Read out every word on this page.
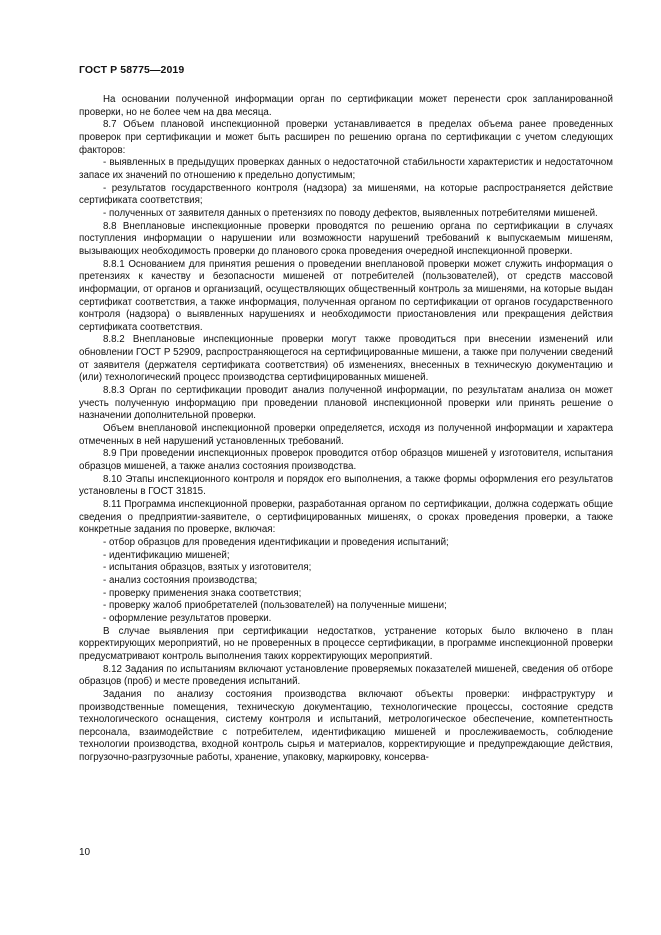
ГОСТ Р 58775—2019

На основании полученной информации орган по сертификации может перенести срок запланированной проверки, но не более чем на два месяца.

8.7 Объем плановой инспекционной проверки устанавливается в пределах объема ранее проведенных проверок при сертификации и может быть расширен по решению органа по сертификации с учетом следующих факторов:

- выявленных в предыдущих проверках данных о недостаточной стабильности характеристик и недостаточном запасе их значений по отношению к предельно допустимым;

- результатов государственного контроля (надзора) за мишенями, на которые распространяется действие сертификата соответствия;

- полученных от заявителя данных о претензиях по поводу дефектов, выявленных потребителями мишеней.

8.8 Внеплановые инспекционные проверки проводятся по решению органа по сертификации в случаях поступления информации о нарушении или возможности нарушений требований к выпускаемым мишеням, вызывающих необходимость проверки до планового срока проведения очередной инспекционной проверки.

8.8.1 Основанием для принятия решения о проведении внеплановой проверки может служить информация о претензиях к качеству и безопасности мишеней от потребителей (пользователей), от средств массовой информации, от органов и организаций, осуществляющих общественный контроль за мишенями, на которые выдан сертификат соответствия, а также информация, полученная органом по сертификации от органов государственного контроля (надзора) о выявленных нарушениях и необходимости приостановления или прекращения действия сертификата соответствия.

8.8.2 Внеплановые инспекционные проверки могут также проводиться при внесении изменений или обновлении ГОСТ Р 52909, распространяющегося на сертифицированные мишени, а также при получении сведений от заявителя (держателя сертификата соответствия) об изменениях, внесенных в техническую документацию и (или) технологический процесс производства сертифицированных мишеней.

8.8.3 Орган по сертификации проводит анализ полученной информации, по результатам анализа он может учесть полученную информацию при проведении плановой инспекционной проверки или принять решение о назначении дополнительной проверки.

Объем внеплановой инспекционной проверки определяется, исходя из полученной информации и характера отмеченных в ней нарушений установленных требований.

8.9 При проведении инспекционных проверок проводится отбор образцов мишеней у изготовителя, испытания образцов мишеней, а также анализ состояния производства.

8.10 Этапы инспекционного контроля и порядок его выполнения, а также формы оформления его результатов установлены в ГОСТ 31815.

8.11 Программа инспекционной проверки, разработанная органом по сертификации, должна содержать общие сведения о предприятии-заявителе, о сертифицированных мишенях, о сроках проведения проверки, а также конкретные задания по проверке, включая:

- отбор образцов для проведения идентификации и проведения испытаний;

- идентификацию мишеней;

- испытания образцов, взятых у изготовителя;

- анализ состояния производства;

- проверку применения знака соответствия;

- проверку жалоб приобретателей (пользователей) на полученные мишени;

- оформление результатов проверки.

В случае выявления при сертификации недостатков, устранение которых было включено в план корректирующих мероприятий, но не проверенных в процессе сертификации, в программе инспекционной проверки предусматривают контроль выполнения таких корректирующих мероприятий.

8.12 Задания по испытаниям включают установление проверяемых показателей мишеней, сведения об отборе образцов (проб) и месте проведения испытаний.

Задания по анализу состояния производства включают объекты проверки: инфраструктуру и производственные помещения, техническую документацию, технологические процессы, состояние средств технологического оснащения, систему контроля и испытаний, метрологическое обеспечение, компетентность персонала, взаимодействие с потребителем, идентификацию мишеней и прослеживаемость, соблюдение технологии производства, входной контроль сырья и материалов, корректирующие и предупреждающие действия, погрузочно-разгрузочные работы, хранение, упаковку, маркировку, консерва-

10
